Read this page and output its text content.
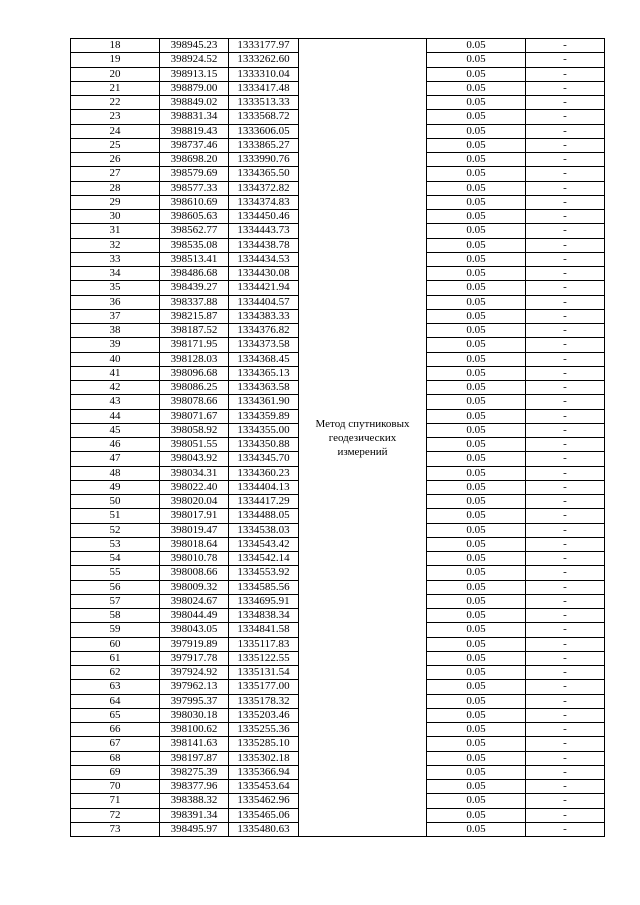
18	398945.23	1333177.97	Метод спутниковых геодезических измерений	0.05	-
19	398924.52	1333262.60		0.05	-
20	398913.15	1333310.04		0.05	-
21	398879.00	1333417.48		0.05	-
22	398849.02	1333513.33		0.05	-
23	398831.34	1333568.72		0.05	-
24	398819.43	1333606.05		0.05	-
25	398737.46	1333865.27		0.05	-
26	398698.20	1333990.76		0.05	-
27	398579.69	1334365.50		0.05	-
28	398577.33	1334372.82		0.05	-
29	398610.69	1334374.83		0.05	-
30	398605.63	1334450.46		0.05	-
31	398562.77	1334443.73		0.05	-
32	398535.08	1334438.78		0.05	-
33	398513.41	1334434.53		0.05	-
34	398486.68	1334430.08		0.05	-
35	398439.27	1334421.94		0.05	-
36	398337.88	1334404.57		0.05	-
37	398215.87	1334383.33		0.05	-
38	398187.52	1334376.82		0.05	-
39	398171.95	1334373.58		0.05	-
40	398128.03	1334368.45		0.05	-
41	398096.68	1334365.13		0.05	-
42	398086.25	1334363.58		0.05	-
43	398078.66	1334361.90		0.05	-
44	398071.67	1334359.89		0.05	-
45	398058.92	1334355.00		0.05	-
46	398051.55	1334350.88		0.05	-
47	398043.92	1334345.70		0.05	-
48	398034.31	1334360.23		0.05	-
49	398022.40	1334404.13		0.05	-
50	398020.04	1334417.29		0.05	-
51	398017.91	1334488.05		0.05	-
52	398019.47	1334538.03		0.05	-
53	398018.64	1334543.42		0.05	-
54	398010.78	1334542.14		0.05	-
55	398008.66	1334553.92		0.05	-
56	398009.32	1334585.56		0.05	-
57	398024.67	1334695.91		0.05	-
58	398044.49	1334838.34		0.05	-
59	398043.05	1334841.58		0.05	-
60	397919.89	1335117.83		0.05	-
61	397917.78	1335122.55		0.05	-
62	397924.92	1335131.54		0.05	-
63	397962.13	1335177.00		0.05	-
64	397995.37	1335178.32		0.05	-
65	398030.18	1335203.46		0.05	-
66	398100.62	1335255.36		0.05	-
67	398141.63	1335285.10		0.05	-
68	398197.87	1335302.18		0.05	-
69	398275.39	1335366.94		0.05	-
70	398377.96	1335453.64		0.05	-
71	398388.32	1335462.96		0.05	-
72	398391.34	1335465.06		0.05	-
73	398495.97	1335480.63		0.05	-
